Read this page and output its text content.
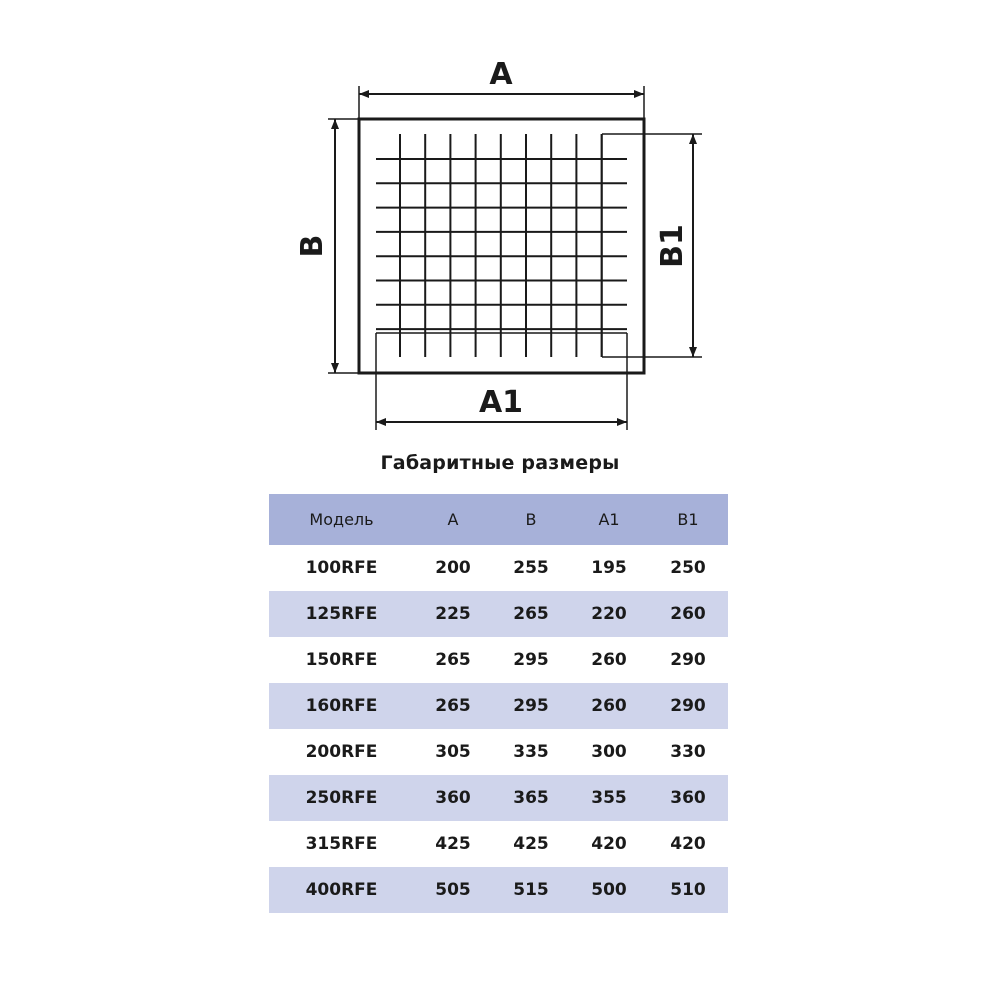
A
B
A1
B1
Габаритные размеры
Модель	A	B	A1	B1
100RFE	200	255	195	250
125RFE	225	265	220	260
150RFE	265	295	260	290
160RFE	265	295	260	290
200RFE	305	335	300	330
250RFE	360	365	355	360
315RFE	425	425	420	420
400RFE	505	515	500	510
